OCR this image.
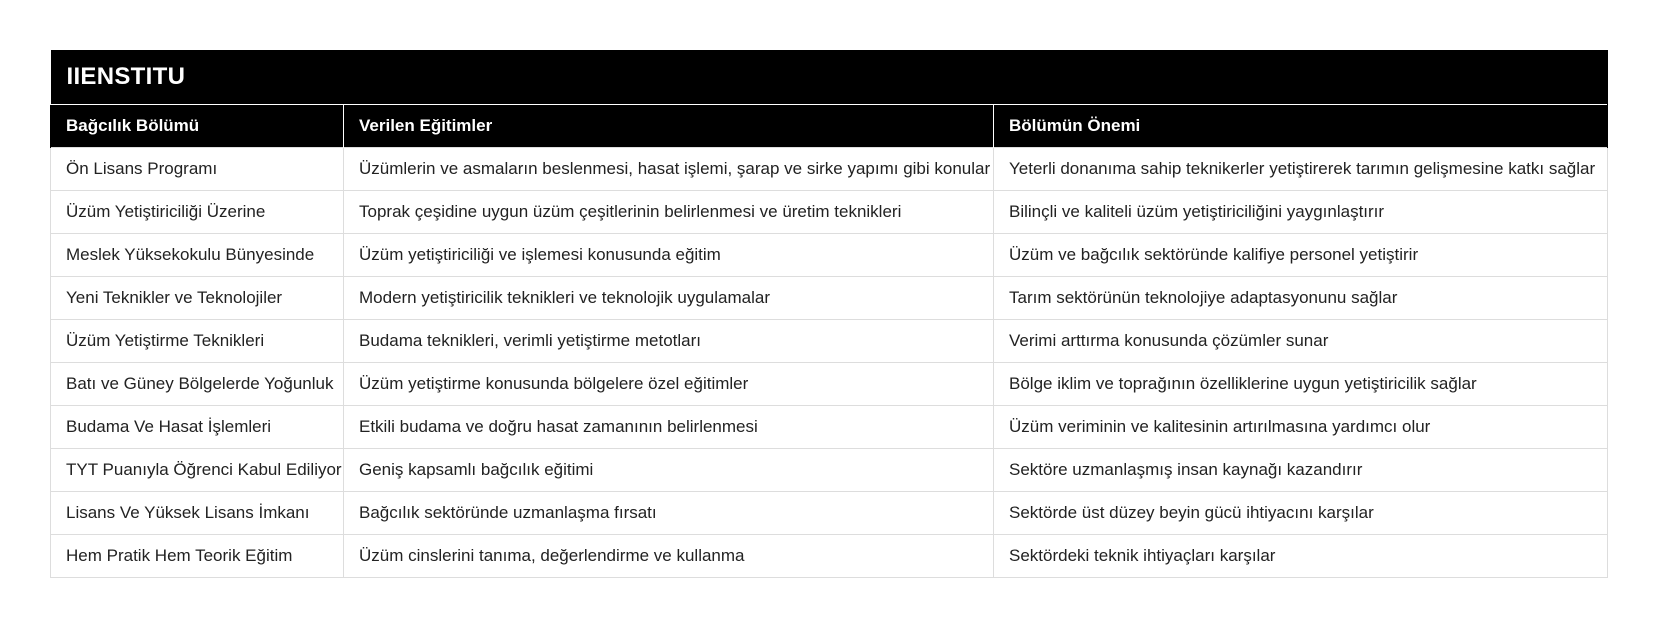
IIENSTITU		
Bağcılık Bölümü	Verilen Eğitimler	Bölümün Önemi
Ön Lisans Programı	Üzümlerin ve asmaların beslenmesi, hasat işlemi, şarap ve sirke yapımı gibi konular	Yeterli donanıma sahip teknikerler yetiştirerek tarımın gelişmesine katkı sağlar
Üzüm Yetiştiriciliği Üzerine	Toprak çeşidine uygun üzüm çeşitlerinin belirlenmesi ve üretim teknikleri	Bilinçli ve kaliteli üzüm yetiştiriciliğini yaygınlaştırır
Meslek Yüksekokulu Bünyesinde	Üzüm yetiştiriciliği ve işlemesi konusunda eğitim	Üzüm ve bağcılık sektöründe kalifiye personel yetiştirir
Yeni Teknikler ve Teknolojiler	Modern yetiştiricilik teknikleri ve teknolojik uygulamalar	Tarım sektörünün teknolojiye adaptasyonunu sağlar
Üzüm Yetiştirme Teknikleri	Budama teknikleri, verimli yetiştirme metotları	Verimi arttırma konusunda çözümler sunar
Batı ve Güney Bölgelerde Yoğunluk	Üzüm yetiştirme konusunda bölgelere özel eğitimler	Bölge iklim ve toprağının özelliklerine uygun yetiştiricilik sağlar
Budama Ve Hasat İşlemleri	Etkili budama ve doğru hasat zamanının belirlenmesi	Üzüm veriminin ve kalitesinin artırılmasına yardımcı olur
TYT Puanıyla Öğrenci Kabul Ediliyor	Geniş kapsamlı bağcılık eğitimi	Sektöre uzmanlaşmış insan kaynağı kazandırır
Lisans Ve Yüksek Lisans İmkanı	Bağcılık sektöründe uzmanlaşma fırsatı	Sektörde üst düzey beyin gücü ihtiyacını karşılar
Hem Pratik Hem Teorik Eğitim	Üzüm cinslerini tanıma, değerlendirme ve kullanma	Sektördeki teknik ihtiyaçları karşılar
